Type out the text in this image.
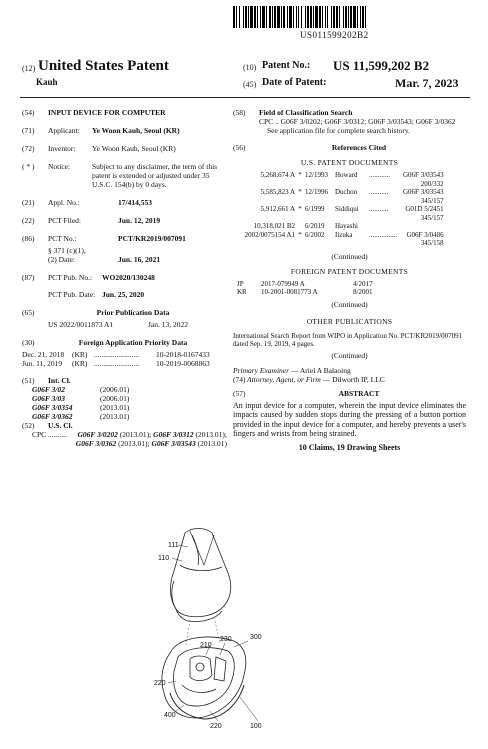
US011599202B2
(12) United States Patent
Kauh
(10) Patent No.: US 11,599,202 B2
(45) Date of Patent:	Mar. 7, 2023
(54)	INPUT DEVICE FOR COMPUTER
(71)	Applicant:	Ye Woon Kauh, Seoul (KR)
(72)	Inventor:	Ye Woon Kauh, Seoul (KR)
( * )	Notice:	Subject to any disclaimer, the term of this patent is extended or adjusted under 35 U.S.C. 154(b) by 0 days.
(21)	Appl. No.:	17/414,553
(22)	PCT Filed:	Jun. 12, 2019
(86)	PCT No.:	PCT/KR2019/007091
§ 371 (c)(1),
(2) Date:	Jun. 16, 2021
(87)	PCT Pub. No.:	WO2020/130248
PCT Pub. Date: Jun. 25, 2020
(65)	Prior Publication Data
US 2022/0011873 A1	Jan. 13, 2022
(30)	Foreign Application Priority Data
Dec. 21, 2018	(KR) ........................	10-2018-0167433
Jun. 11, 2019	(KR) ........................	10-2019-0068863
(51)	Int. Cl.
G06F 3/02	(2006.01)
G06F 3/03	(2006.01)
G06F 3/0354	(2013.01)
G06F 3/0362	(2013.01)
(52)	U.S. Cl.
CPC ..........	G06F 3/0202 (2013.01); G06F 3/0312 (2013.01); G06F 3/0362 (2013.01); G06F 3/03543 (2013.01)
(58)	Field of Classification Search
CPC .. G06F 3/0202; G06F 3/0312; G06F 3/03543; G06F 3/0362
See application file for complete search history.
(56)	References Cited
U.S. PATENT DOCUMENTS
5,268,674 A	*	12/1993	Howard	............	G06F 3/03543
					200/332
5,585,823 A	*	12/1996	Duchon	...........	G06F 3/03543
					345/157
5,912,661 A	*	6/1999	Siddiqui	...........	G01D 5/2451
					345/157
10,318,021 B2		6/2019	Hayashi		
2002/0075154 A1	*	6/2002	Iizuka	................	G06F 3/0486
					345/158
(Continued)
FOREIGN PATENT DOCUMENTS
JP	2017-079949 A	4/2017
KR	10-2001-0081773 A	8/2001
(Continued)
OTHER PUBLICATIONS
International Search Report from WIPO in Application No. PCT/KR2019/007091 dated Sep. 19, 2019, 4 pages.
(Continued)
Primary Examiner — Ariel A Balaoing
(74) Attorney, Agent, or Firm — Dilworth IP, LLC
(57)	ABSTRACT
An input device for a computer, wherein the input device eliminates the impacts caused by sudden stops during the pressing of a button portion provided in the input device for a computer, and hereby prevents a user's fingers and wrists from being strained.
10 Claims, 19 Drawing Sheets
111
110
300
210
230
220
400
220	100
